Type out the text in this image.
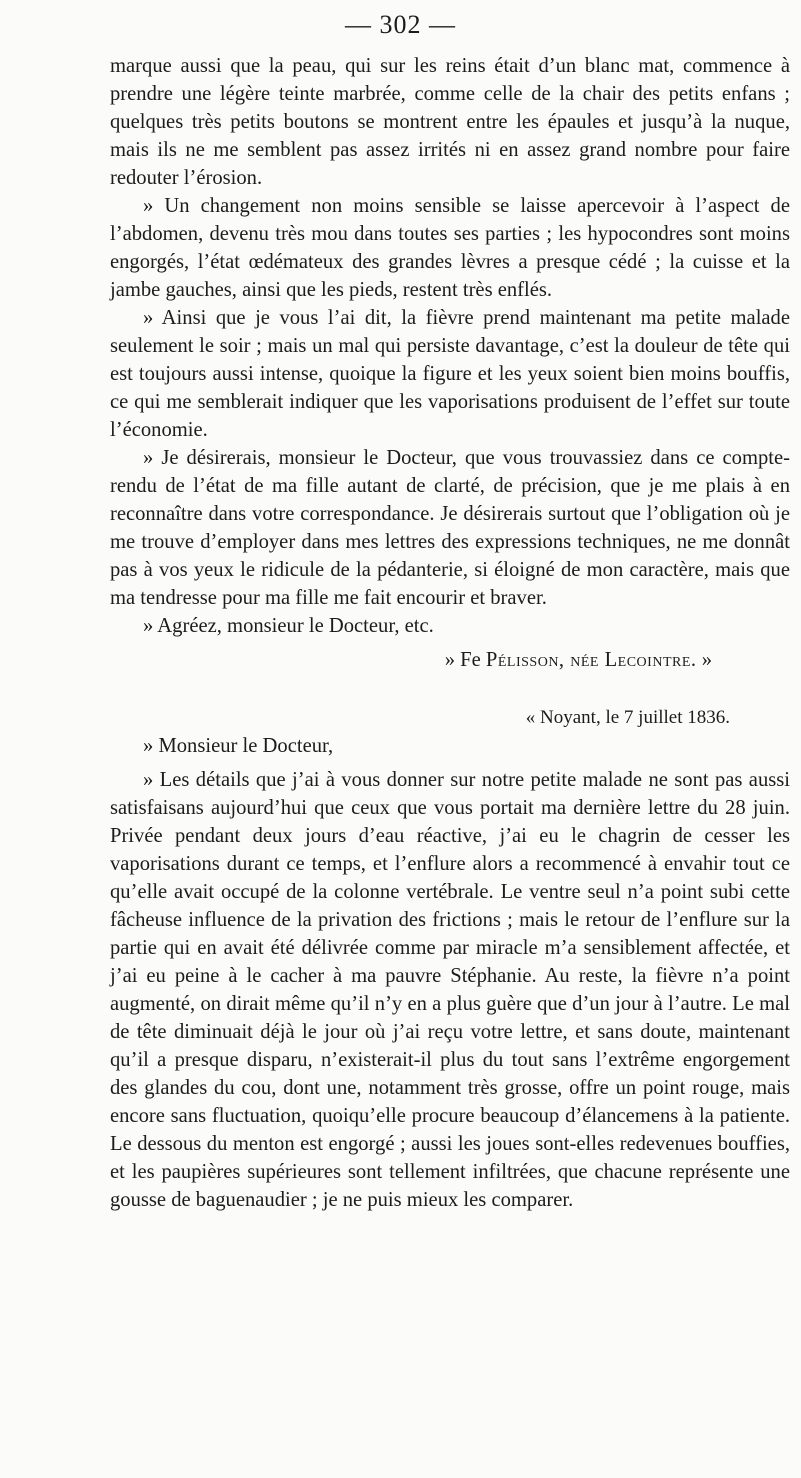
— 302 —

marque aussi que la peau, qui sur les reins était d’un blanc mat, commence à prendre une légère teinte marbrée, comme celle de la chair des petits enfans ; quelques très petits boutons se montrent entre les épaules et jusqu’à la nuque, mais ils ne me semblent pas assez irrités ni en assez grand nombre pour faire redouter l’érosion.

» Un changement non moins sensible se laisse apercevoir à l’aspect de l’abdomen, devenu très mou dans toutes ses parties ; les hypocondres sont moins engorgés, l’état œdémateux des grandes lèvres a presque cédé ; la cuisse et la jambe gauches, ainsi que les pieds, restent très enflés.

» Ainsi que je vous l’ai dit, la fièvre prend maintenant ma petite malade seulement le soir ; mais un mal qui persiste davantage, c’est la douleur de tête qui est toujours aussi intense, quoique la figure et les yeux soient bien moins bouffis, ce qui me semblerait indiquer que les vaporisations produisent de l’effet sur toute l’économie.

» Je désirerais, monsieur le Docteur, que vous trouvassiez dans ce compte-rendu de l’état de ma fille autant de clarté, de précision, que je me plais à en reconnaître dans votre correspondance. Je désirerais surtout que l’obligation où je me trouve d’employer dans mes lettres des expressions techniques, ne me donnât pas à vos yeux le ridicule de la pédanterie, si éloigné de mon caractère, mais que ma tendresse pour ma fille me fait encourir et braver.

» Agréez, monsieur le Docteur, etc.

» Fe Pélisson, née Lecointre. »
« Noyant, le 7 juillet 1836.
» Monsieur le Docteur,

» Les détails que j’ai à vous donner sur notre petite malade ne sont pas aussi satisfaisans aujourd’hui que ceux que vous portait ma dernière lettre du 28 juin. Privée pendant deux jours d’eau réactive, j’ai eu le chagrin de cesser les vaporisations durant ce temps, et l’enflure alors a recommencé à envahir tout ce qu’elle avait occupé de la colonne vertébrale. Le ventre seul n’a point subi cette fâcheuse influence de la privation des frictions ; mais le retour de l’enflure sur la partie qui en avait été délivrée comme par miracle m’a sensiblement affectée, et j’ai eu peine à le cacher à ma pauvre Stéphanie. Au reste, la fièvre n’a point augmenté, on dirait même qu’il n’y en a plus guère que d’un jour à l’autre. Le mal de tête diminuait déjà le jour où j’ai reçu votre lettre, et sans doute, maintenant qu’il a presque disparu, n’existerait-il plus du tout sans l’extrême engorgement des glandes du cou, dont une, notamment très grosse, offre un point rouge, mais encore sans fluctuation, quoiqu’elle procure beaucoup d’élancemens à la patiente. Le dessous du menton est engorgé ; aussi les joues sont-elles redevenues bouffies, et les paupières supérieures sont tellement infiltrées, que chacune représente une gousse de baguenaudier ; je ne puis mieux les comparer.
